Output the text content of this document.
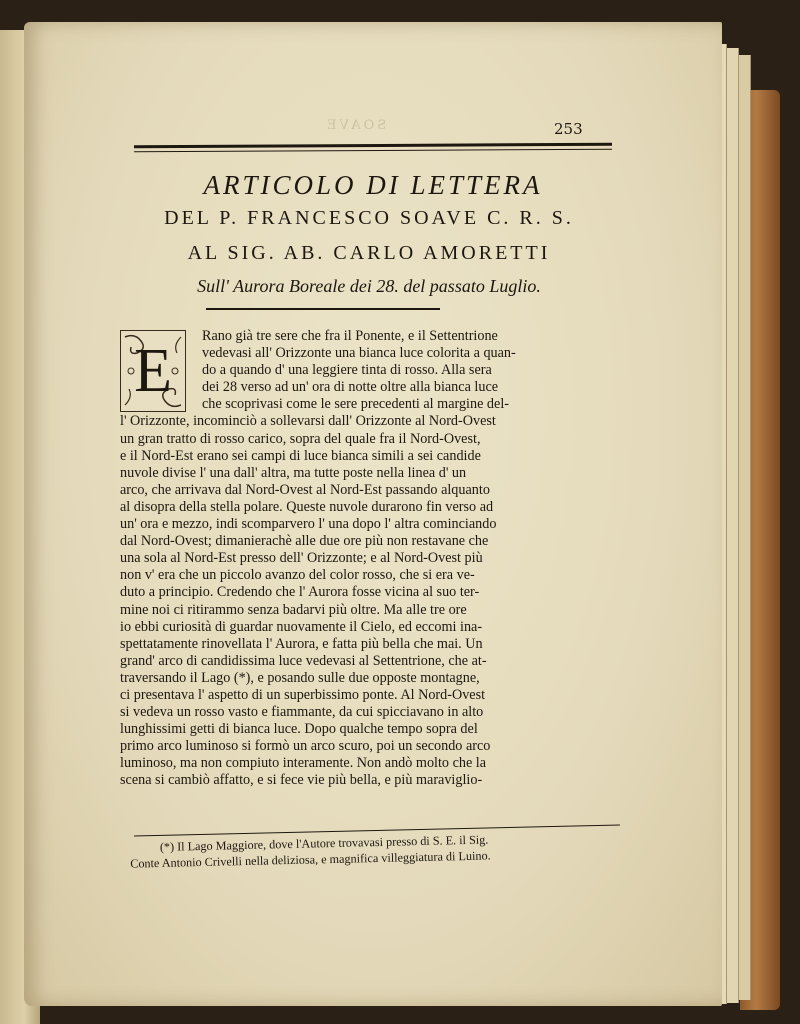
SOAVE	253
ARTICOLO DI LETTERA
DEL P. FRANCESCO SOAVE C. R. S.
AL SIG. AB. CARLO AMORETTI
Sull' Aurora Boreale dei 28. del passato Luglio.
E
Rano già tre sere che fra il Ponente, e il Settentrione
vedevasi all' Orizzonte una bianca luce colorita a quan-
do a quando d' una leggiere tinta di rosso. Alla sera
dei 28 verso ad un' ora di notte oltre alla bianca luce
che scoprivasi come le sere precedenti al margine del-
l' Orizzonte, incominciò a sollevarsi dall' Orizzonte al Nord-Ovest
un gran tratto di rosso carico, sopra del quale fra il Nord-Ovest,
e il Nord-Est erano sei campi di luce bianca simili a sei candide
nuvole divise l' una dall' altra, ma tutte poste nella linea d' un
arco, che arrivava dal Nord-Ovest al Nord-Est passando alquanto
al disopra della stella polare. Queste nuvole durarono fin verso ad
un' ora e mezzo, indi scomparvero l' una dopo l' altra cominciando
dal Nord-Ovest; dimanierachè alle due ore più non restavane che
una sola al Nord-Est presso dell' Orizzonte; e al Nord-Ovest più
non v' era che un piccolo avanzo del color rosso, che si era ve-
duto a principio. Credendo che l' Aurora fosse vicina al suo ter-
mine noi ci ritirammo senza badarvi più oltre. Ma alle tre ore
io ebbi curiosità di guardar nuovamente il Cielo, ed eccomi ina-
spettatamente rinovellata l' Aurora, e fatta più bella che mai. Un
grand' arco di candidissima luce vedevasi al Settentrione, che at-
traversando il Lago (*), e posando sulle due opposte montagne,
ci presentava l' aspetto di un superbissimo ponte. Al Nord-Ovest
si vedeva un rosso vasto e fiammante, da cui spicciavano in alto
lunghissimi getti di bianca luce. Dopo qualche tempo sopra del
primo arco luminoso si formò un arco scuro, poi un secondo arco
luminoso, ma non compiuto interamente. Non andò molto che la
scena si cambiò affatto, e si fece vie più bella, e più maraviglio-
(*) Il Lago Maggiore, dove l'Autore trovavasi presso di S. E. il Sig.
Conte Antonio Crivelli nella deliziosa, e magnifica villeggiatura di Luino.
